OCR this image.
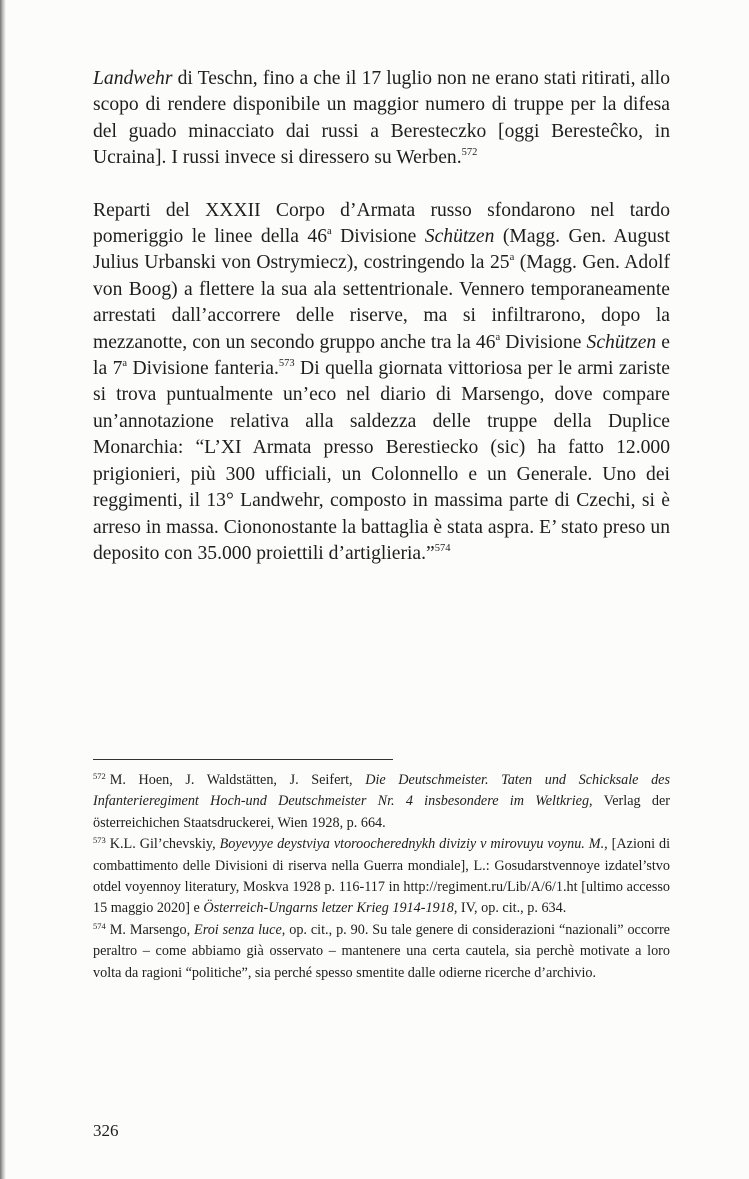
Landwehr di Teschn, fino a che il 17 luglio non ne erano stati ritirati, allo scopo di rendere disponibile un maggior numero di truppe per la difesa del guado minacciato dai russi a Beresteczko [oggi Beresteĉko, in Ucraina]. I russi invece si diressero su Werben.$^{572}$

Reparti del XXXII Corpo d’Armata russo sfondarono nel tardo pomeriggio le linee della 46$^a$ Divisione Schützen (Magg. Gen. August Julius Urbanski von Ostrymiecz), costringendo la 25$^a$ (Magg. Gen. Adolf von Boog) a flettere la sua ala settentrionale. Vennero temporaneamente arrestati dall’accorrere delle riserve, ma si infiltrarono, dopo la mezzanotte, con un secondo gruppo anche tra la 46$^a$ Divisione Schützen e la 7$^a$ Divisione fanteria.$^{573}$ Di quella giornata vittoriosa per le armi zariste si trova puntualmente un’eco nel diario di Marsengo, dove compare un’annotazione relativa alla saldezza delle truppe della Duplice Monarchia: “L’XI Armata presso Berestiecko (sic) ha fatto 12.000 prigionieri, più 300 ufficiali, un Colonnello e un Generale. Uno dei reggimenti, il 13° Landwehr, composto in massima parte di Czechi, si è arreso in massa. Ciononostante la battaglia è stata aspra. E’ stato preso un deposito con 35.000 proiettili d’artiglieria.”$^{574}$

$^{572}$ M. Hoen, J. Waldstätten, J. Seifert, Die Deutschmeister. Taten und Schicksale des Infanterieregiment Hoch-und Deutschmeister Nr. 4 insbesondere im Weltkrieg, Verlag der österreichichen Staatsdruckerei, Wien 1928, p. 664.

$^{573}$ K.L. Gil’chevskiy, Boyevyye deystviya vtoroocherednykh diviziy v mirovuyu voynu. M., [Azioni di combattimento delle Divisioni di riserva nella Guerra mondiale], L.: Gosudarstvennoye izdatel’stvo otdel voyennoy literatury, Moskva 1928 p. 116-117 in http://regiment.ru/Lib/A/6/1.ht [ultimo accesso 15 maggio 2020] e Österreich-Ungarns letzer Krieg 1914-1918, IV, op. cit., p. 634.

$^{574}$ M. Marsengo, Eroi senza luce, op. cit., p. 90. Su tale genere di considerazioni “nazionali” occorre peraltro – come abbiamo già osservato – mantenere una certa cautela, sia perchè motivate a loro volta da ragioni “politiche”, sia perché spesso smentite dalle odierne ricerche d’archivio.

326
